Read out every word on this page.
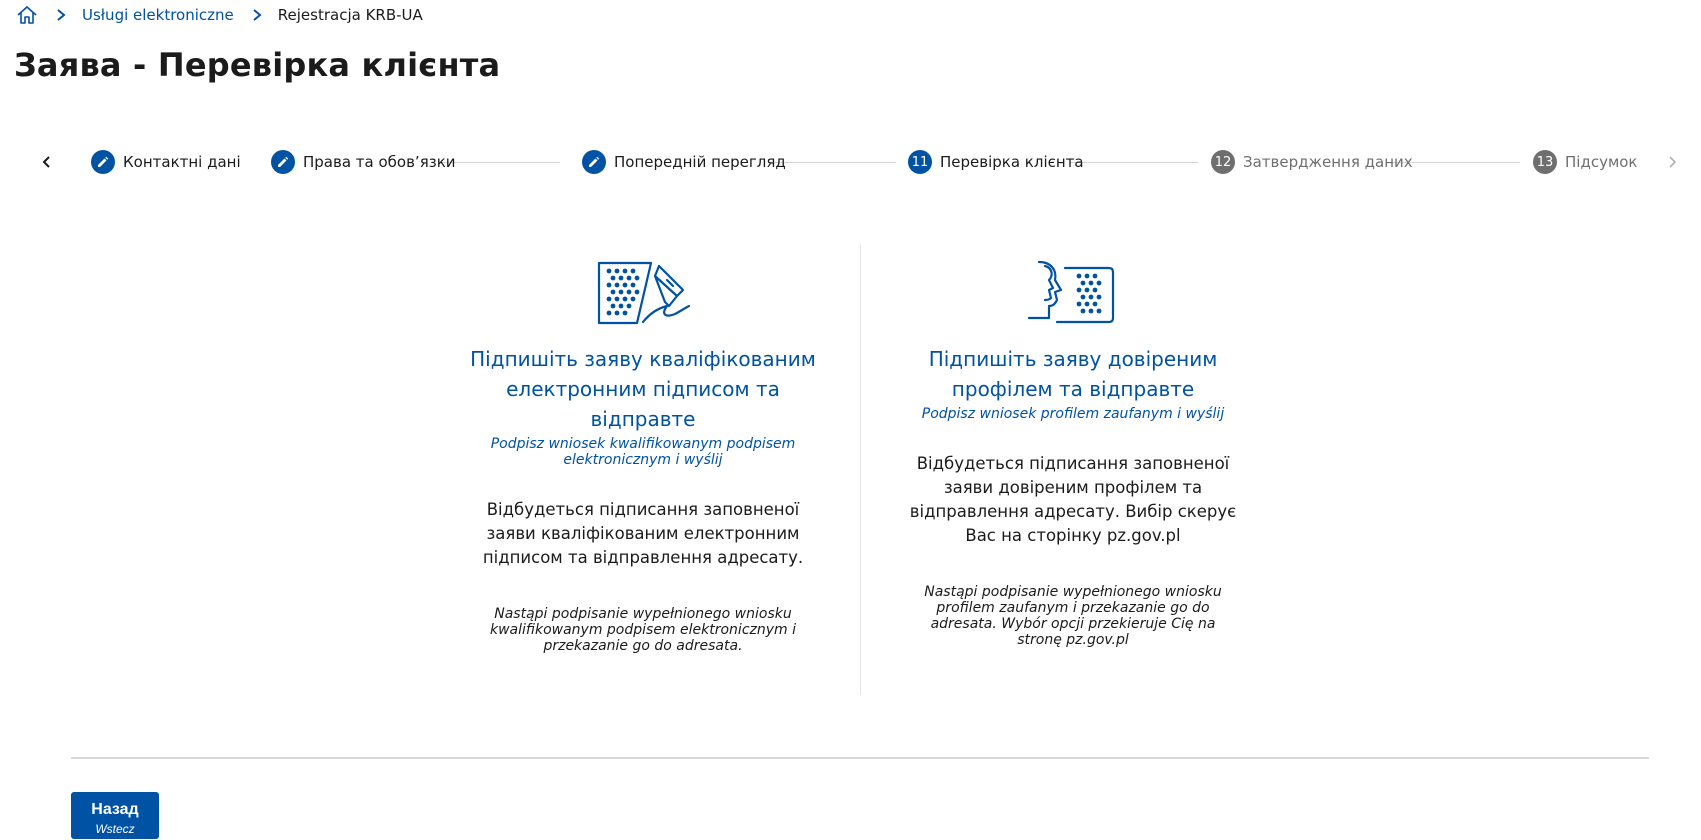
Usługi elektroniczne	Rejestracja KRB-UA
Заява - Перевірка клієнта
Контактні дані	Права та обов’язки	Попередній перегляд	11 Перевірка клієнта	12 Затвердження даних	13 Підсумок
Підпишіть заяву кваліфікованим електронним підписом та відправте
Podpisz wniosek kwalifikowanym podpisem elektronicznym i wyślij
Відбудеться підписання заповненої заяви кваліфікованим електронним підписом та відправлення адресату.
Nastąpi podpisanie wypełnionego wniosku kwalifikowanym podpisem elektronicznym i przekazanie go do adresata.
Підпишіть заяву довіреним профілем та відправте
Podpisz wniosek profilem zaufanym i wyślij
Відбудеться підписання заповненої заяви довіреним профілем та відправлення адресату. Вибір скерує Вас на сторінку pz.gov.pl
Nastąpi podpisanie wypełnionego wniosku profilem zaufanym i przekazanie go do adresata. Wybór opcji przekieruje Cię na stronę pz.gov.pl
Назад
Wstecz
